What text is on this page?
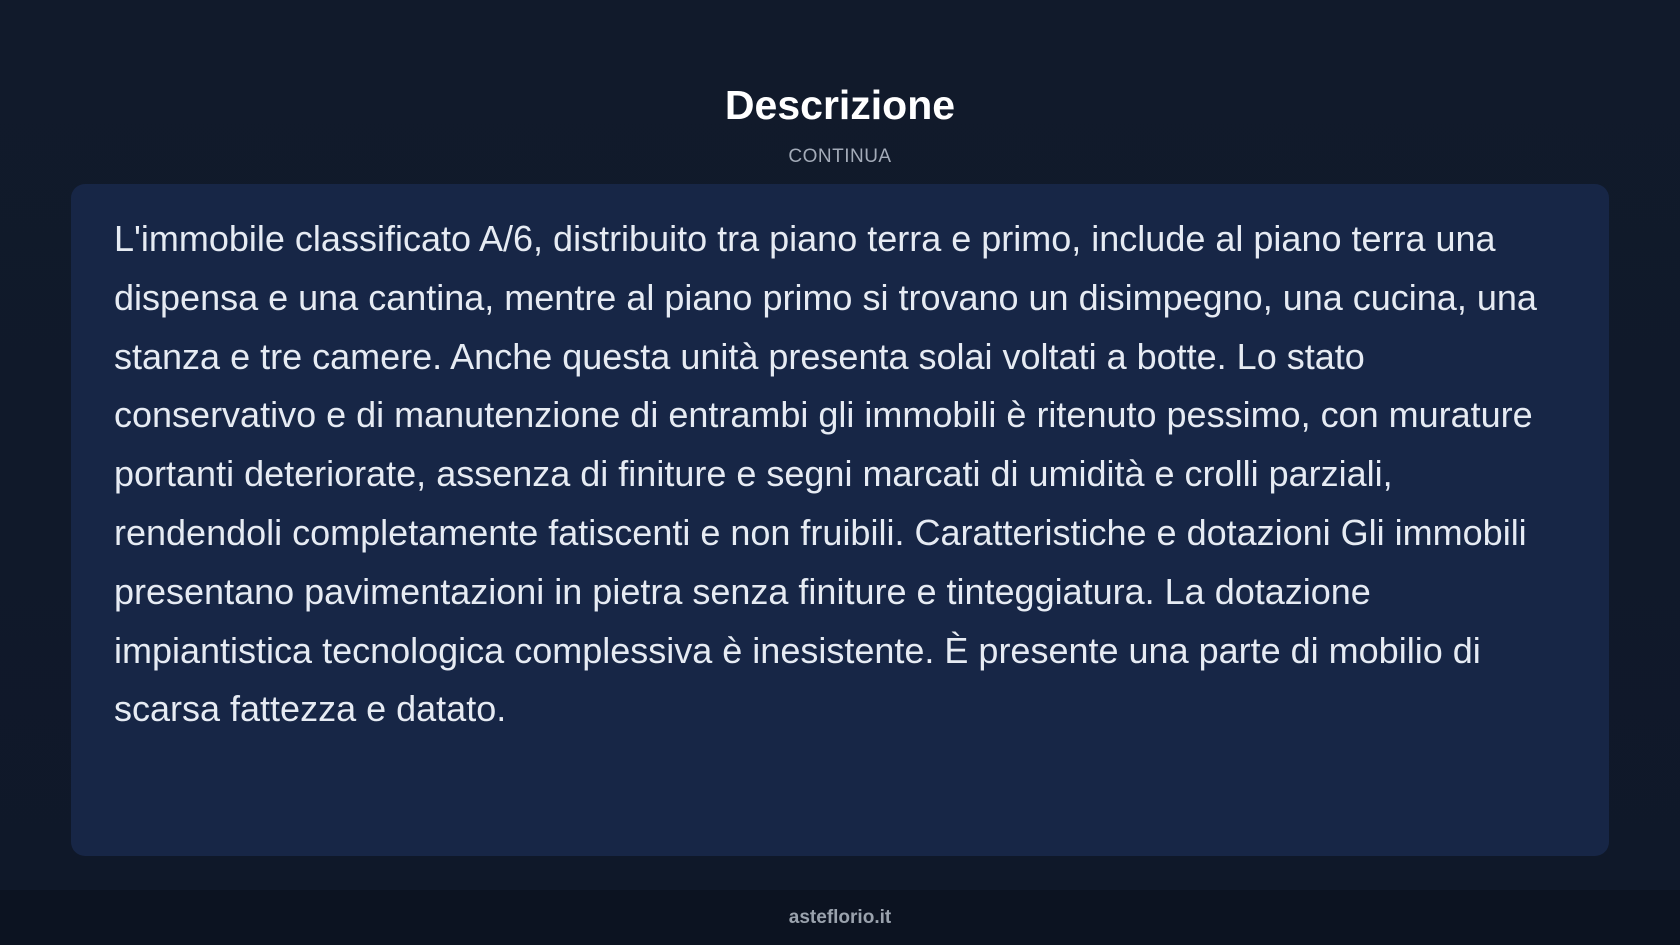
Descrizione
CONTINUA

L'immobile classificato A/6, distribuito tra piano terra e primo, include al piano terra una dispensa e una cantina, mentre al piano primo si trovano un disimpegno, una cucina, una stanza e tre camere. Anche questa unità presenta solai voltati a botte. Lo stato conservativo e di manutenzione di entrambi gli immobili è ritenuto pessimo, con murature portanti deteriorate, assenza di finiture e segni marcati di umidità e crolli parziali, rendendoli completamente fatiscenti e non fruibili. Caratteristiche e dotazioni Gli immobili presentano pavimentazioni in pietra senza finiture e tinteggiatura. La dotazione impiantistica tecnologica complessiva è inesistente. È presente una parte di mobilio di scarsa fattezza e datato.

asteflorio.it
